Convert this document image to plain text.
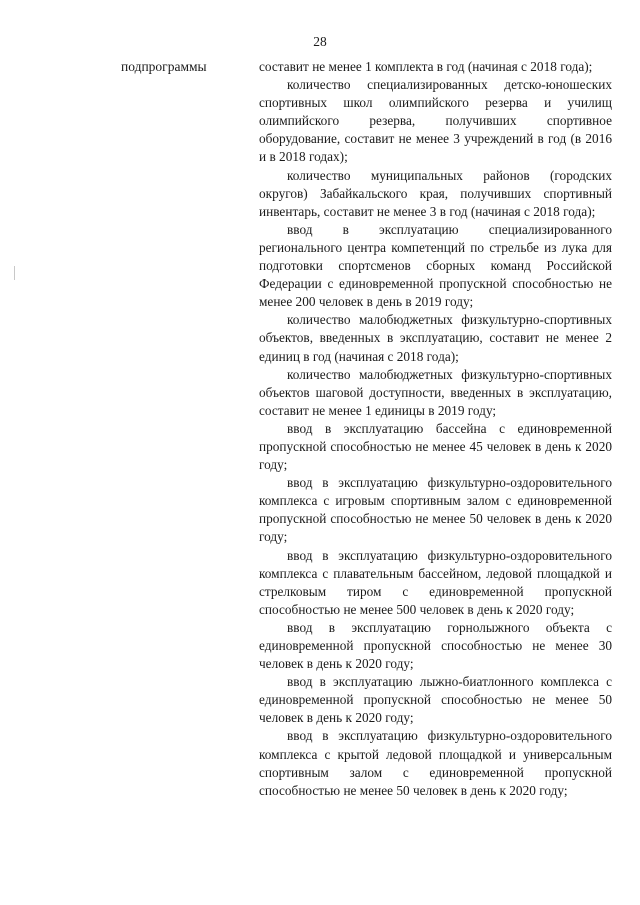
28
подпрограммы	составит не менее 1 комплекта в год (начиная с 2018 года);

количество специализированных детско-юношеских спортивных школ олимпийского резерва и училищ олимпийского резерва, получивших спортивное оборудование, составит не менее 3 учреждений в год (в 2016 и в 2018 годах);

количество муниципальных районов (городских округов) Забайкальского края, получивших спортивный инвентарь, составит не менее 3 в год (начиная с 2018 года);

ввод в эксплуатацию специализированного регионального центра компетенций по стрельбе из лука для подготовки спортсменов сборных команд Российской Федерации с единовременной пропускной способностью не менее 200 человек в день в 2019 году;

количество малобюджетных физкультурно-спортивных объектов, введенных в эксплуатацию, составит не менее 2 единиц в год (начиная с 2018 года);

количество малобюджетных физкультурно-спортивных объектов шаговой доступности, введенных в эксплуатацию, составит не менее 1 единицы в 2019 году;

ввод в эксплуатацию бассейна с единовременной пропускной способностью не менее 45 человек в день к 2020 году;

ввод в эксплуатацию физкультурно-оздоровительного комплекса с игровым спортивным залом с единовременной пропускной способностью не менее 50 человек в день к 2020 году;

ввод в эксплуатацию физкультурно-оздоровительного комплекса с плавательным бассейном, ледовой площадкой и стрелковым тиром с единовременной пропускной способностью не менее 500 человек в день к 2020 году;

ввод в эксплуатацию горнолыжного объекта с единовременной пропускной способностью не менее 30 человек в день к 2020 году;

ввод в эксплуатацию лыжно-биатлонного комплекса с единовременной пропускной способностью не менее 50 человек в день к 2020 году;

ввод в эксплуатацию физкультурно-оздоровительного комплекса с крытой ледовой площадкой и универсальным спортивным залом с единовременной пропускной способностью не менее 50 человек в день к 2020 году;
